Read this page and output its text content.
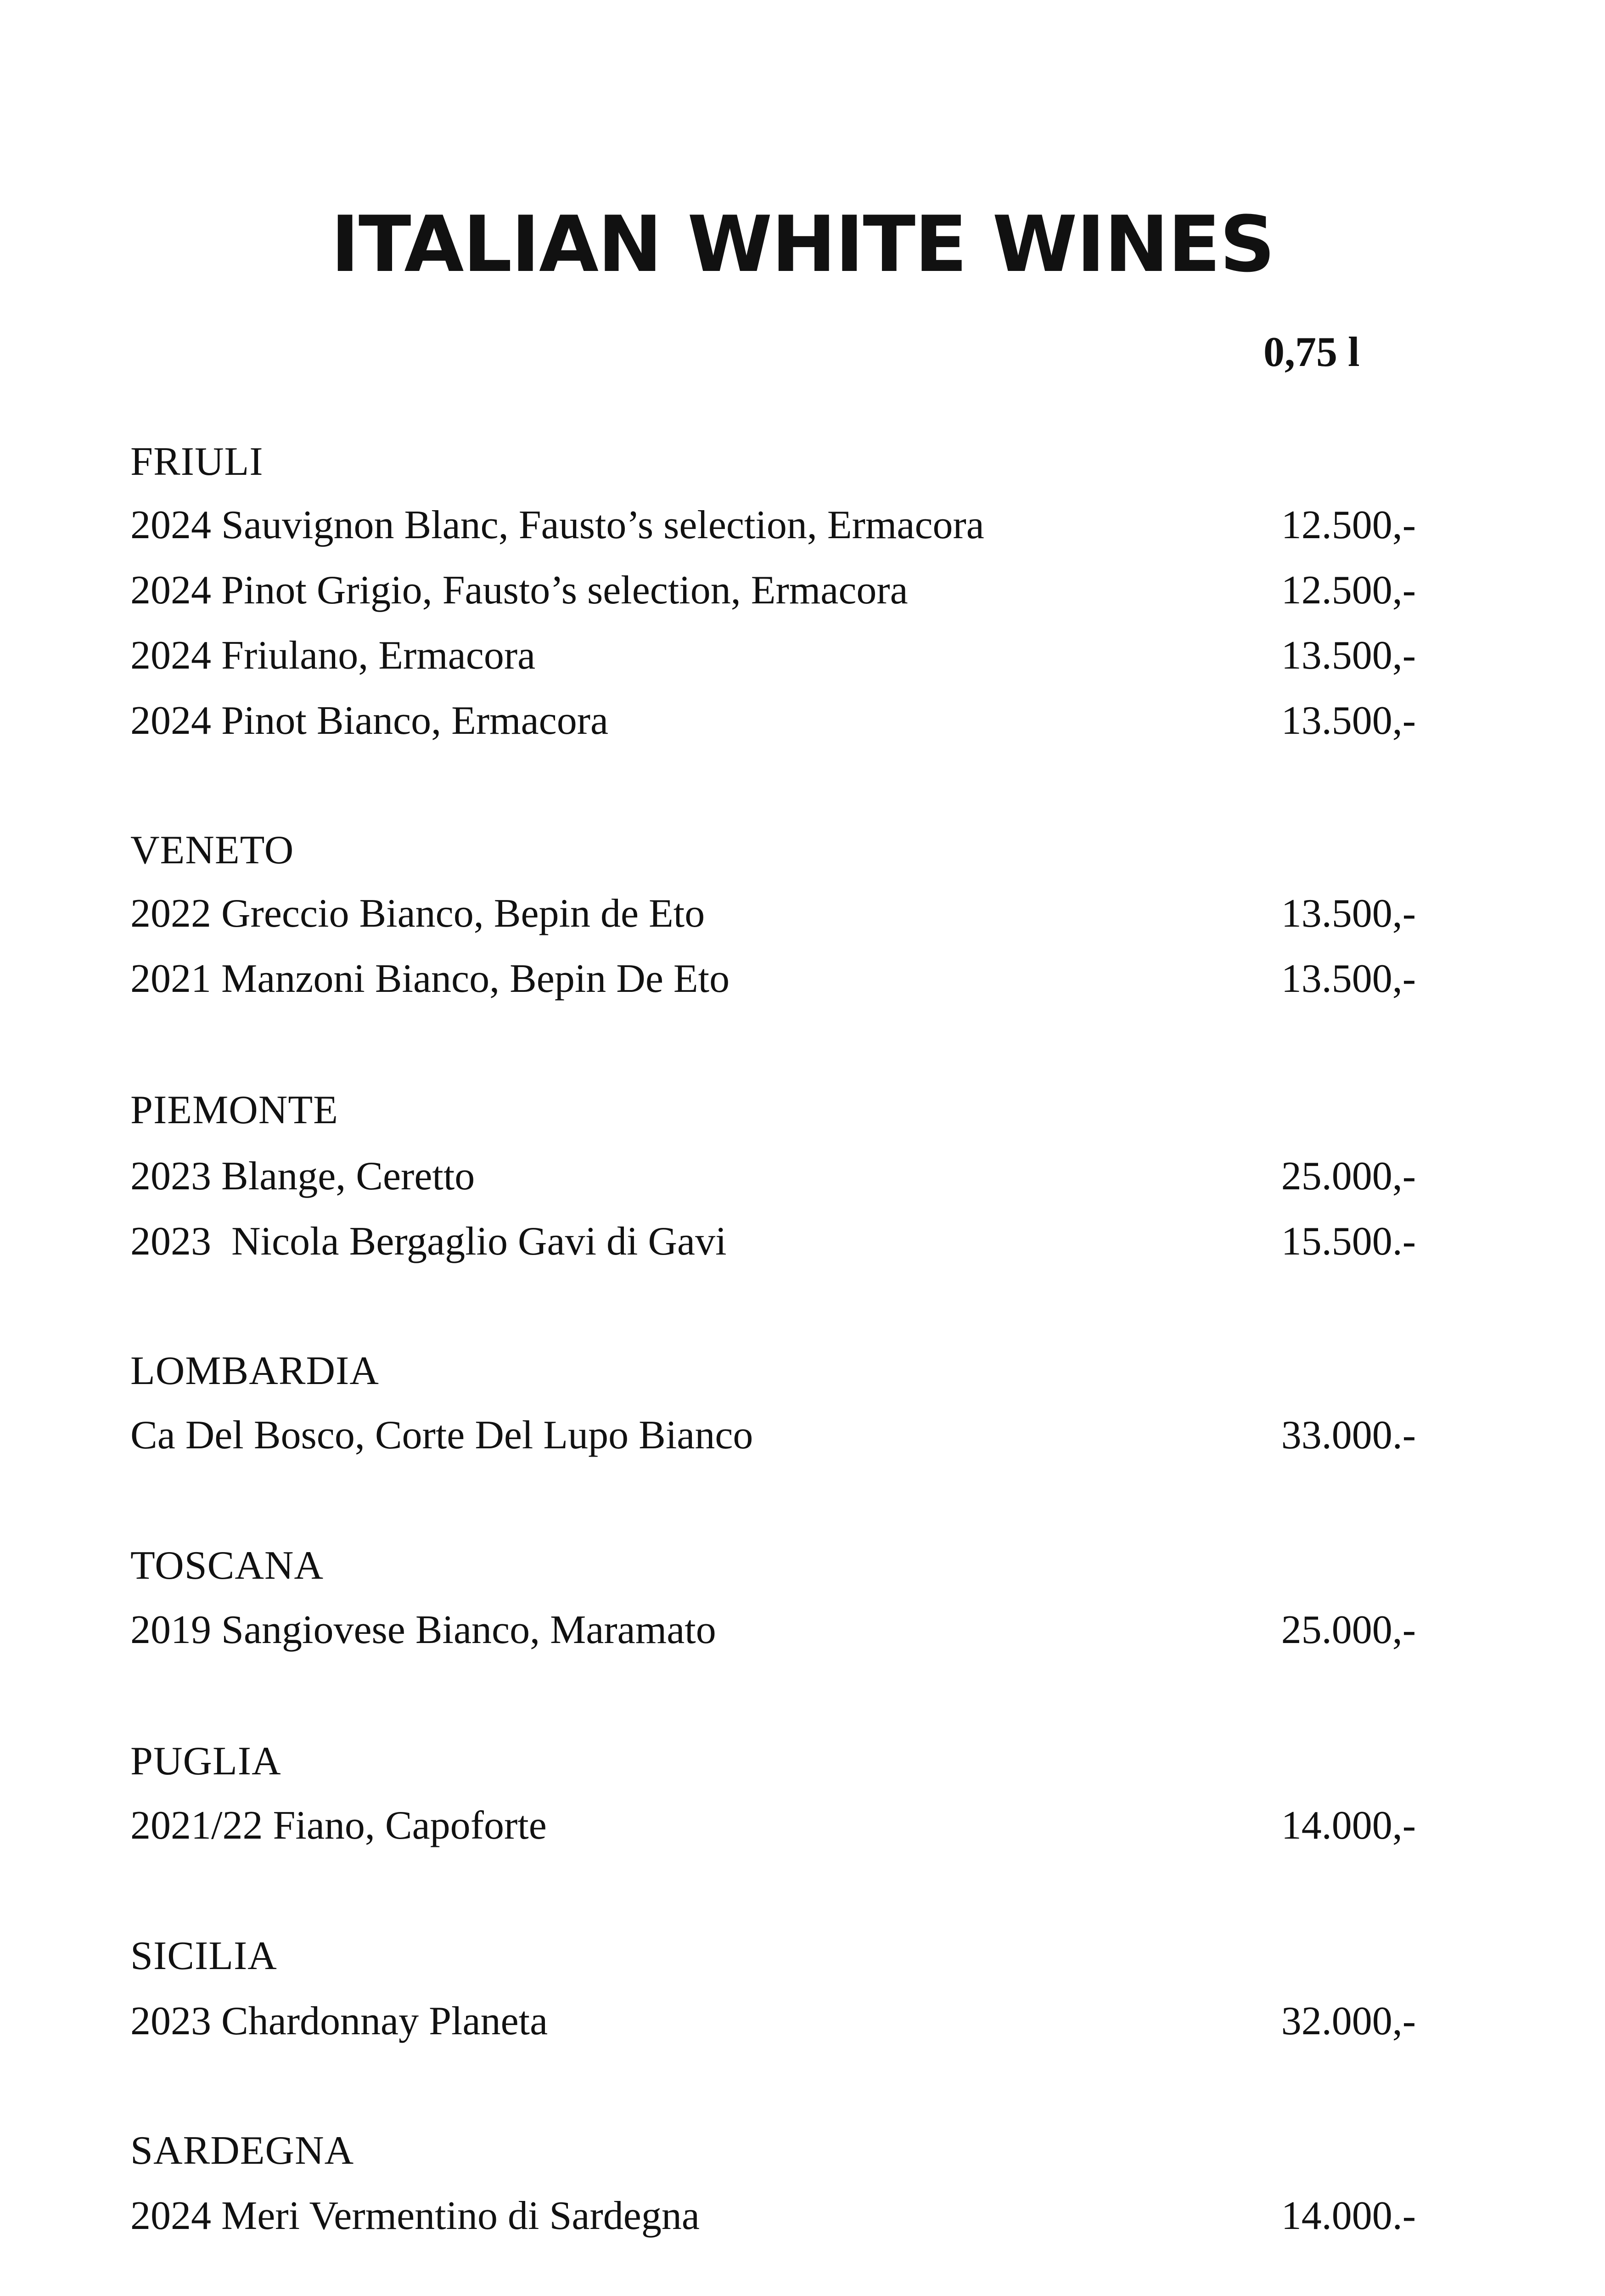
ITALIAN WHITE WINES
0,75 l
FRIULI
2024 Sauvignon Blanc, Fausto’s selection, Ermacora	12.500,-
2024 Pinot Grigio, Fausto’s selection, Ermacora	12.500,-
2024 Friulano, Ermacora	13.500,-
2024 Pinot Bianco, Ermacora	13.500,-
VENETO
2022 Greccio Bianco, Bepin de Eto	13.500,-
2021 Manzoni Bianco, Bepin De Eto	13.500,-
PIEMONTE
2023 Blange, Ceretto	25.000,-
2023  Nicola Bergaglio Gavi di Gavi	15.500.-
LOMBARDIA
Ca Del Bosco, Corte Del Lupo Bianco	33.000.-
TOSCANA
2019 Sangiovese Bianco, Maramato	25.000,-
PUGLIA
2021/22 Fiano, Capoforte	14.000,-
SICILIA
2023 Chardonnay Planeta	32.000,-
SARDEGNA
2024 Meri Vermentino di Sardegna	14.000.-
